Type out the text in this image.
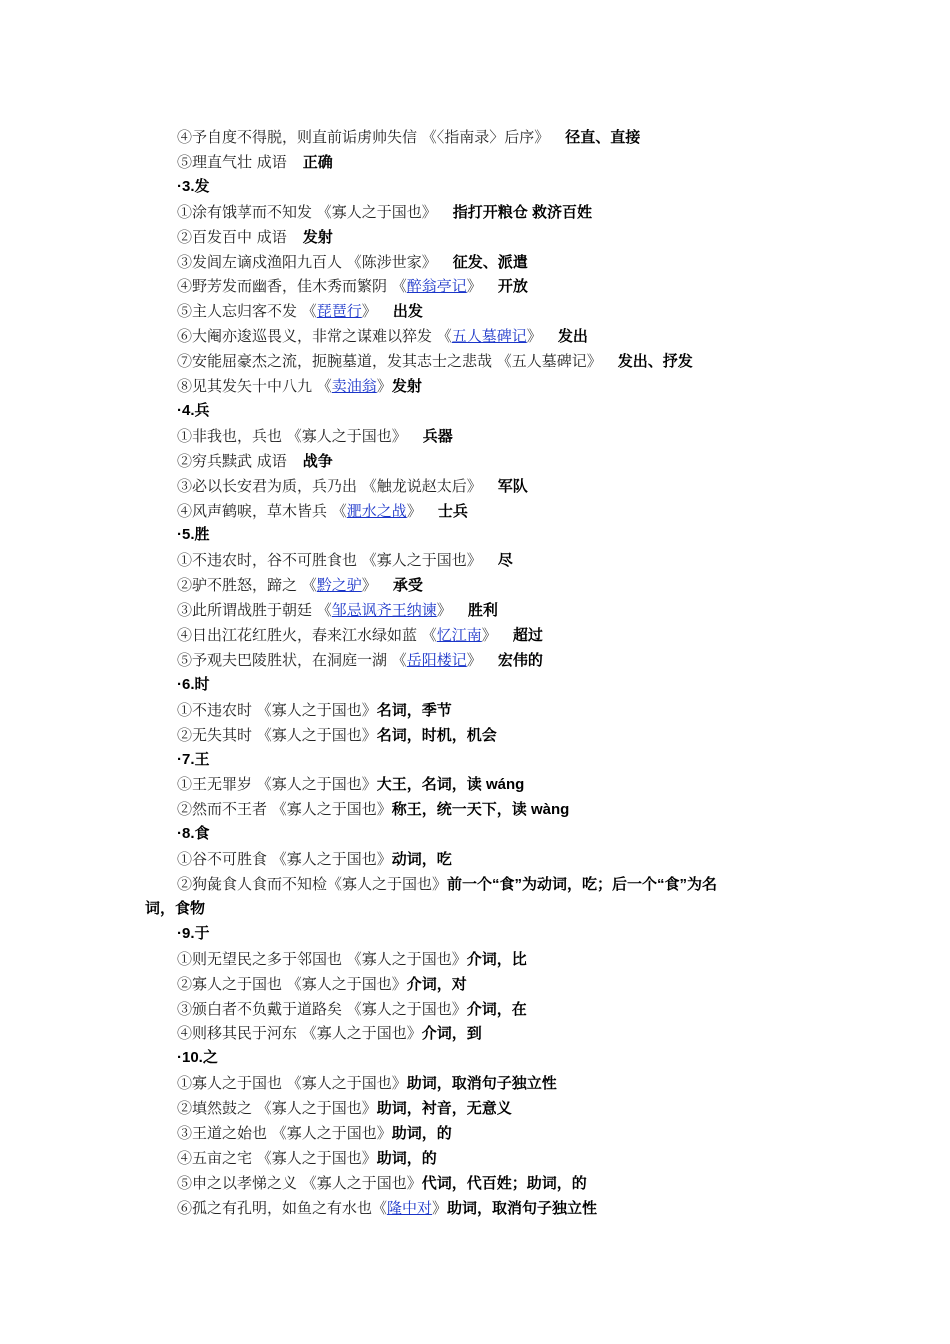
④予自度不得脱，则直前诟虏帅失信 《〈指南录〉后序》 径直、直接
⑤理直气壮 成语 正确
·3.发
①涂有饿莩而不知发 《寡人之于国也》 指打开粮仓 救济百姓
②百发百中 成语 发射
③发闾左谪戍渔阳九百人 《陈涉世家》 征发、派遣
④野芳发而幽香，佳木秀而繁阴 《醉翁亭记》 开放
⑤主人忘归客不发 《琵琶行》 出发
⑥大阉亦逡巡畏义，非常之谋难以猝发 《五人墓碑记》 发出
⑦安能屈豪杰之流，扼腕墓道，发其志士之悲哉 《五人墓碑记》 发出、抒发
⑧见其发矢十中八九 《卖油翁》发射
·4.兵
①非我也，兵也 《寡人之于国也》 兵器
②穷兵黩武 成语 战争
③必以长安君为质，兵乃出 《触龙说赵太后》 军队
④风声鹤唳，草木皆兵 《淝水之战》 士兵
·5.胜
①不违农时，谷不可胜食也 《寡人之于国也》 尽
②驴不胜怒，蹄之 《黔之驴》 承受
③此所谓战胜于朝廷 《邹忌讽齐王纳谏》 胜利
④日出江花红胜火，春来江水绿如蓝 《忆江南》 超过
⑤予观夫巴陵胜状，在洞庭一湖 《岳阳楼记》 宏伟的
·6.时
①不违农时 《寡人之于国也》名词，季节
②无失其时 《寡人之于国也》名词，时机，机会
·7.王
①王无罪岁 《寡人之于国也》大王，名词，读 wáng
②然而不王者 《寡人之于国也》称王，统一天下，读 wàng
·8.食
①谷不可胜食 《寡人之于国也》动词，吃
②狗彘食人食而不知检《寡人之于国也》前一个“食”为动词，吃；后一个“食”为名
词，食物
·9.于
①则无望民之多于邻国也 《寡人之于国也》介词，比
②寡人之于国也 《寡人之于国也》介词，对
③颁白者不负戴于道路矣 《寡人之于国也》介词，在
④则移其民于河东 《寡人之于国也》介词，到
·10.之
①寡人之于国也 《寡人之于国也》助词，取消句子独立性
②填然鼓之 《寡人之于国也》助词，衬音，无意义
③王道之始也 《寡人之于国也》助词，的
④五亩之宅 《寡人之于国也》助词，的
⑤申之以孝悌之义 《寡人之于国也》代词，代百姓；助词，的
⑥孤之有孔明，如鱼之有水也《隆中对》助词，取消句子独立性
